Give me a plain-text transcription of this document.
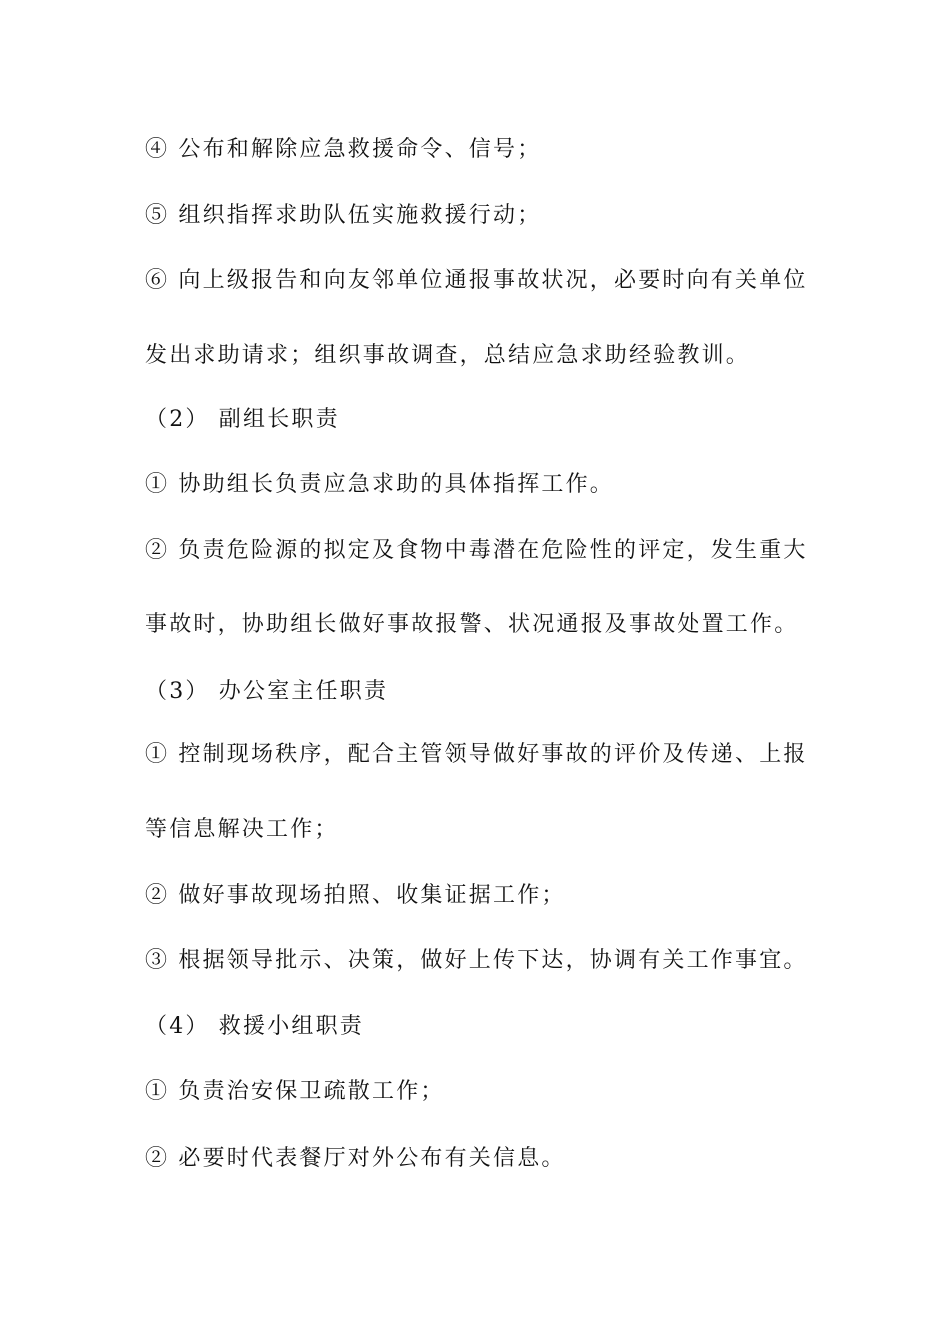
④ 公布和解除应急救援命令、信号；
⑤ 组织指挥求助队伍实施救援行动；
⑥ 向上级报告和向友邻单位通报事故状况，必要时向有关单位
发出求助请求；组织事故调查，总结应急求助经验教训。
（2） 副组长职责
① 协助组长负责应急求助的具体指挥工作。
② 负责危险源的拟定及食物中毒潜在危险性的评定，发生重大
事故时，协助组长做好事故报警、状况通报及事故处置工作。
（3） 办公室主任职责
① 控制现场秩序，配合主管领导做好事故的评价及传递、上报
等信息解决工作；
② 做好事故现场拍照、收集证据工作；
③ 根据领导批示、决策，做好上传下达，协调有关工作事宜。
（4） 救援小组职责
① 负责治安保卫疏散工作；
② 必要时代表餐厅对外公布有关信息。
